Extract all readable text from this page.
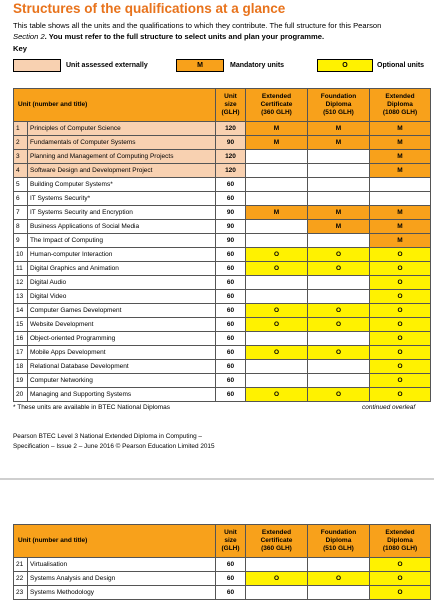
Structures of the qualifications at a glance
This table shows all the units and the qualifications to which they contribute. The full structure for this Pearson
Section 2. You must refer to the full structure to select units and plan your programme.
Key
Unit assessed externally	M	Mandatory units	O	Optional units
Unit (number and title)		Unit
size
(GLH)	Extended
Certificate
(360 GLH)	Foundation
Diploma
(510 GLH)	Extended
Diploma
(1080 GLH)
1	Principles of Computer Science	120	M	M	M
2	Fundamentals of Computer Systems	90	M	M	M
3	Planning and Management of Computing Projects	120			M
4	Software Design and Development Project	120			M
5	Building Computer Systems*	60			
6	IT Systems Security*	60			
7	IT Systems Security and Encryption	90	M	M	M
8	Business Applications of Social Media	90		M	M
9	The Impact of Computing	90			M
10	Human-computer Interaction	60	O	O	O
11	Digital Graphics and Animation	60	O	O	O
12	Digital Audio	60			O
13	Digital Video	60			O
14	Computer Games Development	60	O	O	O
15	Website Development	60	O	O	O
16	Object-oriented Programming	60			O
17	Mobile Apps Development	60	O	O	O
18	Relational Database Development	60			O
19	Computer Networking	60			O
20	Managing and Supporting Systems	60	O	O	O
* These units are available in BTEC National Diplomas	continued overleaf
Pearson BTEC Level 3 National Extended Diploma in Computing –
Specification – Issue 2 – June 2016 © Pearson Education Limited 2015
Unit (number and title)		Unit
size
(GLH)	Extended
Certificate
(360 GLH)	Foundation
Diploma
(510 GLH)	Extended
Diploma
(1080 GLH)
21	Virtualisation	60			O
22	Systems Analysis and Design	60	O	O	O
23	Systems Methodology	60			O
